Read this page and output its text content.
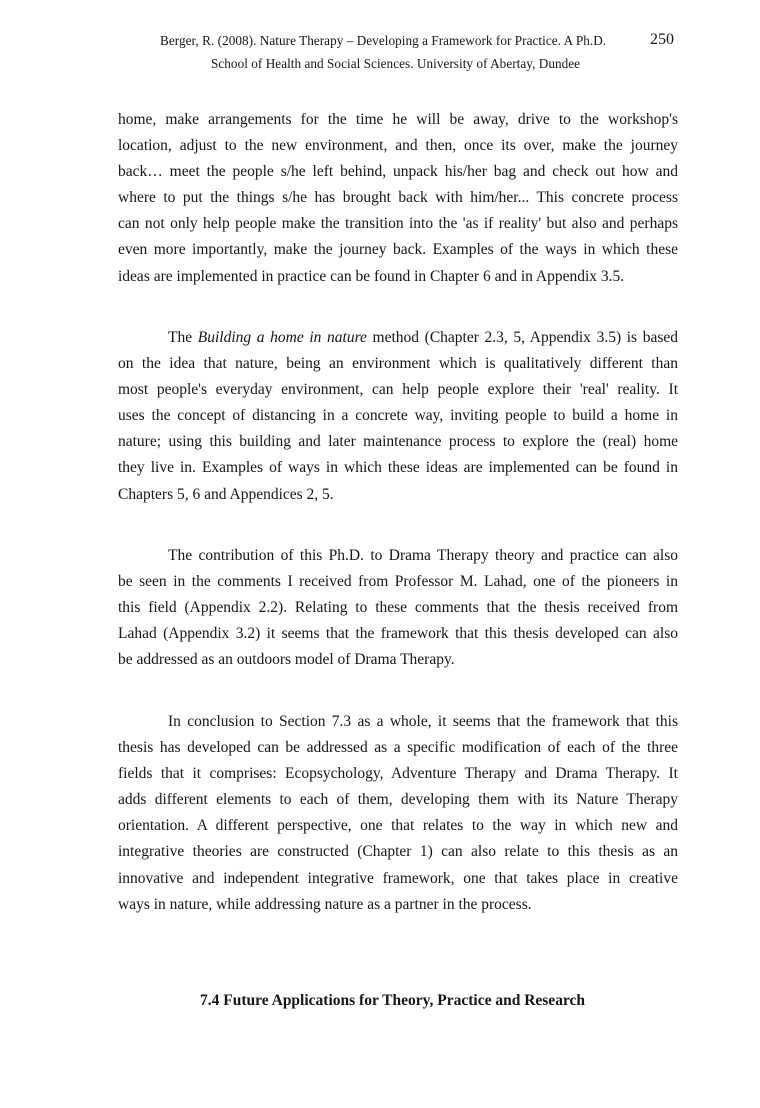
Berger, R. (2008). Nature Therapy – Developing a Framework for Practice. A Ph.D.	250
School of Health and Social Sciences. University of Abertay, Dundee

home, make arrangements for the time he will be away, drive to the workshop's
location, adjust to the new environment, and then, once its over, make the journey
back… meet the people s/he left behind, unpack his/her bag and check out how and
where to put the things s/he has brought back with him/her... This concrete process
can not only help people make the transition into the 'as if reality' but also and perhaps
even more importantly, make the journey back. Examples of the ways in which these
ideas are implemented in practice can be found in Chapter 6 and in Appendix 3.5.

The Building a home in nature method (Chapter 2.3, 5, Appendix 3.5) is based
on the idea that nature, being an environment which is qualitatively different than
most people's everyday environment, can help people explore their 'real' reality. It
uses the concept of distancing in a concrete way, inviting people to build a home in
nature; using this building and later maintenance process to explore the (real) home
they live in. Examples of ways in which these ideas are implemented can be found in
Chapters 5, 6 and Appendices 2, 5.

The contribution of this Ph.D. to Drama Therapy theory and practice can also
be seen in the comments I received from Professor M. Lahad, one of the pioneers in
this field (Appendix 2.2). Relating to these comments that the thesis received from
Lahad (Appendix 3.2) it seems that the framework that this thesis developed can also
be addressed as an outdoors model of Drama Therapy.

In conclusion to Section 7.3 as a whole, it seems that the framework that this
thesis has developed can be addressed as a specific modification of each of the three
fields that it comprises: Ecopsychology, Adventure Therapy and Drama Therapy. It
adds different elements to each of them, developing them with its Nature Therapy
orientation. A different perspective, one that relates to the way in which new and
integrative theories are constructed (Chapter 1) can also relate to this thesis as an
innovative and independent integrative framework, one that takes place in creative
ways in nature, while addressing nature as a partner in the process.

7.4 Future Applications for Theory, Practice and Research
